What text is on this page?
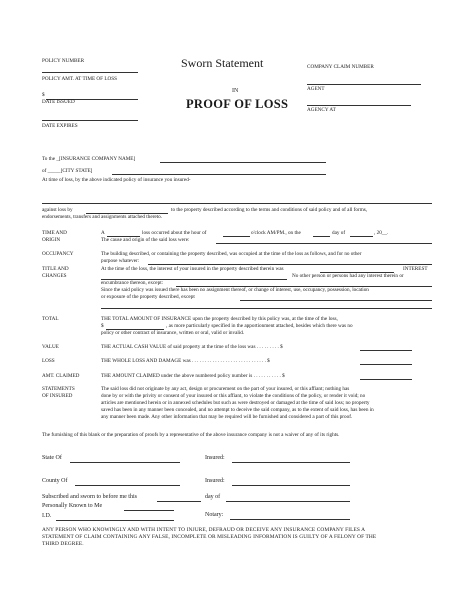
POLICY NUMBER
POLICY AMT. AT TIME OF LOSS
$
DATE ISSUED
DATE EXPIRES
Sworn Statement
IN
PROOF OF LOSS
COMPANY CLAIM NUMBER
AGENT
AGENCY AT
To the _[INSURANCE COMPANY NAME]
of _____[CITY STATE]
At time of loss, by the above indicated policy of insurance you insured-
against loss by	to the property described according to the terms and conditions of said policy and of all forms,
endorsements, transfers and assignments attached thereto.
TIME AND
ORIGIN
A	loss occurred about the hour of	o'clock AM/PM., on the	day of	, 20__.
The cause and origin of the said loss were:
OCCUPANCY	The building described, or containing the property described, was occupied at the time of the loss as follows, and for no other
purpose whatever:
TITLE AND
CHANGES
At the time of the loss, the interest of your insured in the property described therein was	INTEREST
No other person or persons had any interest therein or
encumbrance thereon, except:
Since the said policy was issued there has been no assignment thereof, or change of interest, use, occupancy, possession, location
or exposure of the property described, except
TOTAL	THE TOTAL AMOUNT OF INSURANCE upon the property described by this policy was, at the time of the loss,
$	, as more particularly specified in the apportionment attached, besides which there was no
policy or other contract of insurance, written or oral, valid or invalid.
VALUE	THE ACTUAL CASH VALUE of said property at the time of the loss was . . . . . . . . . $
LOSS	THE WHOLE LOSS AND DAMAGE was . . . . . . . . . . . . . . . . . . . . . . . . . . . . . $
AMT. CLAIMED	THE AMOUNT CLAIMED under the above numbered policy number is . . . . . . . . . . . $
STATEMENTS
OF INSURED
The said loss did not originate by any act, design or procurement on the part of your insured, or this affiant; nothing has
done by or with the privity or consent of your insured or this affiant, to violate the conditions of the policy, or render it void; no
articles are mentioned herein or in annexed schedules but such as were destroyed or damaged at the time of said loss; no property
saved has been in any manner been concealed, and no attempt to deceive the said company, as to the extent of said loss, has been in
any manner been made. Any other information that may be required will be furnished and considered a part of this proof.
The furnishing of this blank or the preparation of proofs by a representative of the above insurance company is not a waiver of any of its rights.
State Of	Insured:
County Of	Insured:
Subscribed and sworn to before me this	day of
Personally Known to Me
I.D.	Notary:
ANY PERSON WHO KNOWINGLY AND WITH INTENT TO INJURE, DEFRAUD OR DECEIVE ANY INSURANCE COMPANY FILES A
STATEMENT OF CLAIM CONTAINING ANY FALSE, INCOMPLETE OR MISLEADING INFORMATION IS GUILTY OF A FELONY OF THE
THIRD DEGREE.
